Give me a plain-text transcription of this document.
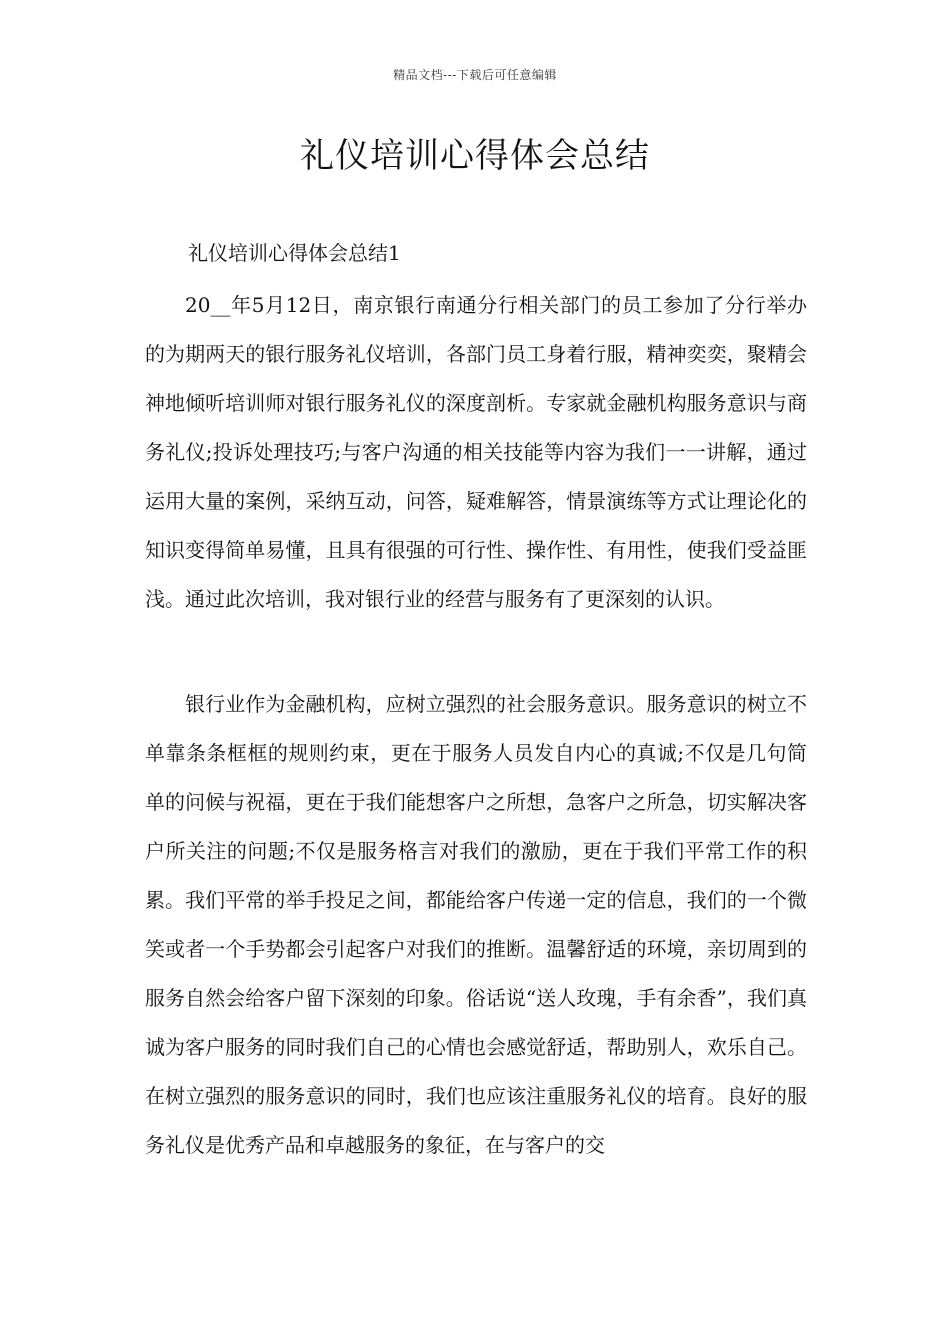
精品文档---下载后可任意编辑
礼仪培训心得体会总结

礼仪培训心得体会总结1

20__年5月12日，南京银行南通分行相关部门的员工参加了分行举办的为期两天的银行服务礼仪培训，各部门员工身着行服，精神奕奕，聚精会神地倾听培训师对银行服务礼仪的深度剖析。专家就金融机构服务意识与商务礼仪;投诉处理技巧;与客户沟通的相关技能等内容为我们一一讲解，通过运用大量的案例，采纳互动，问答，疑难解答，情景演练等方式让理论化的知识变得简单易懂，且具有很强的可行性、操作性、有用性，使我们受益匪浅。通过此次培训，我对银行业的经营与服务有了更深刻的认识。

银行业作为金融机构，应树立强烈的社会服务意识。服务意识的树立不单靠条条框框的规则约束，更在于服务人员发自内心的真诚;不仅是几句简单的问候与祝福，更在于我们能想客户之所想，急客户之所急，切实解决客户所关注的问题;不仅是服务格言对我们的激励，更在于我们平常工作的积累。我们平常的举手投足之间，都能给客户传递一定的信息，我们的一个微笑或者一个手势都会引起客户对我们的推断。温馨舒适的环境，亲切周到的服务自然会给客户留下深刻的印象。俗话说“送人玫瑰，手有余香”，我们真诚为客户服务的同时我们自己的心情也会感觉舒适，帮助别人，欢乐自己。在树立强烈的服务意识的同时，我们也应该注重服务礼仪的培育。良好的服务礼仪是优秀产品和卓越服务的象征，在与客户的交
